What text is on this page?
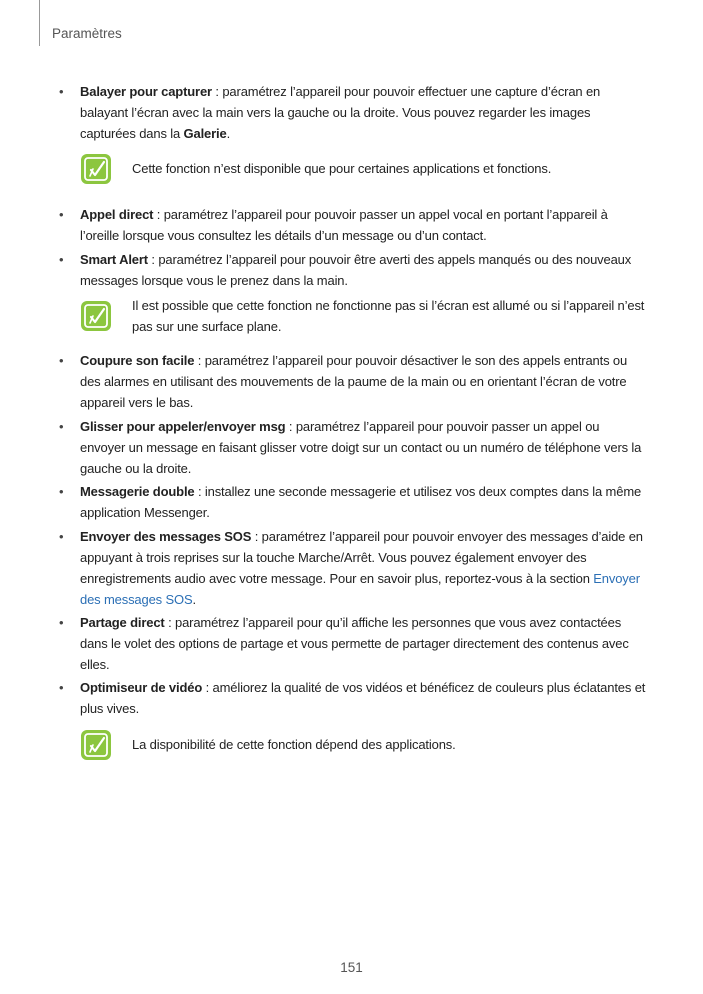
Paramètres
• Balayer pour capturer : paramétrez l’appareil pour pouvoir effectuer une capture d’écran en balayant l’écran avec la main vers la gauche ou la droite. Vous pouvez regarder les images capturées dans la Galerie.
Cette fonction n’est disponible que pour certaines applications et fonctions.
• Appel direct : paramétrez l’appareil pour pouvoir passer un appel vocal en portant l’appareil à l’oreille lorsque vous consultez les détails d’un message ou d’un contact.
• Smart Alert : paramétrez l’appareil pour pouvoir être averti des appels manqués ou des nouveaux messages lorsque vous le prenez dans la main.
Il est possible que cette fonction ne fonctionne pas si l’écran est allumé ou si l’appareil n’est pas sur une surface plane.
• Coupure son facile : paramétrez l’appareil pour pouvoir désactiver le son des appels entrants ou des alarmes en utilisant des mouvements de la paume de la main ou en orientant l’écran de votre appareil vers le bas.
• Glisser pour appeler/envoyer msg : paramétrez l’appareil pour pouvoir passer un appel ou envoyer un message en faisant glisser votre doigt sur un contact ou un numéro de téléphone vers la gauche ou la droite.
• Messagerie double : installez une seconde messagerie et utilisez vos deux comptes dans la même application Messenger.
• Envoyer des messages SOS : paramétrez l’appareil pour pouvoir envoyer des messages d’aide en appuyant à trois reprises sur la touche Marche/Arrêt. Vous pouvez également envoyer des enregistrements audio avec votre message. Pour en savoir plus, reportez-vous à la section Envoyer des messages SOS.
• Partage direct : paramétrez l’appareil pour qu’il affiche les personnes que vous avez contactées dans le volet des options de partage et vous permette de partager directement des contenus avec elles.
• Optimiseur de vidéo : améliorez la qualité de vos vidéos et bénéficez de couleurs plus éclatantes et plus vives.
La disponibilité de cette fonction dépend des applications.
151
